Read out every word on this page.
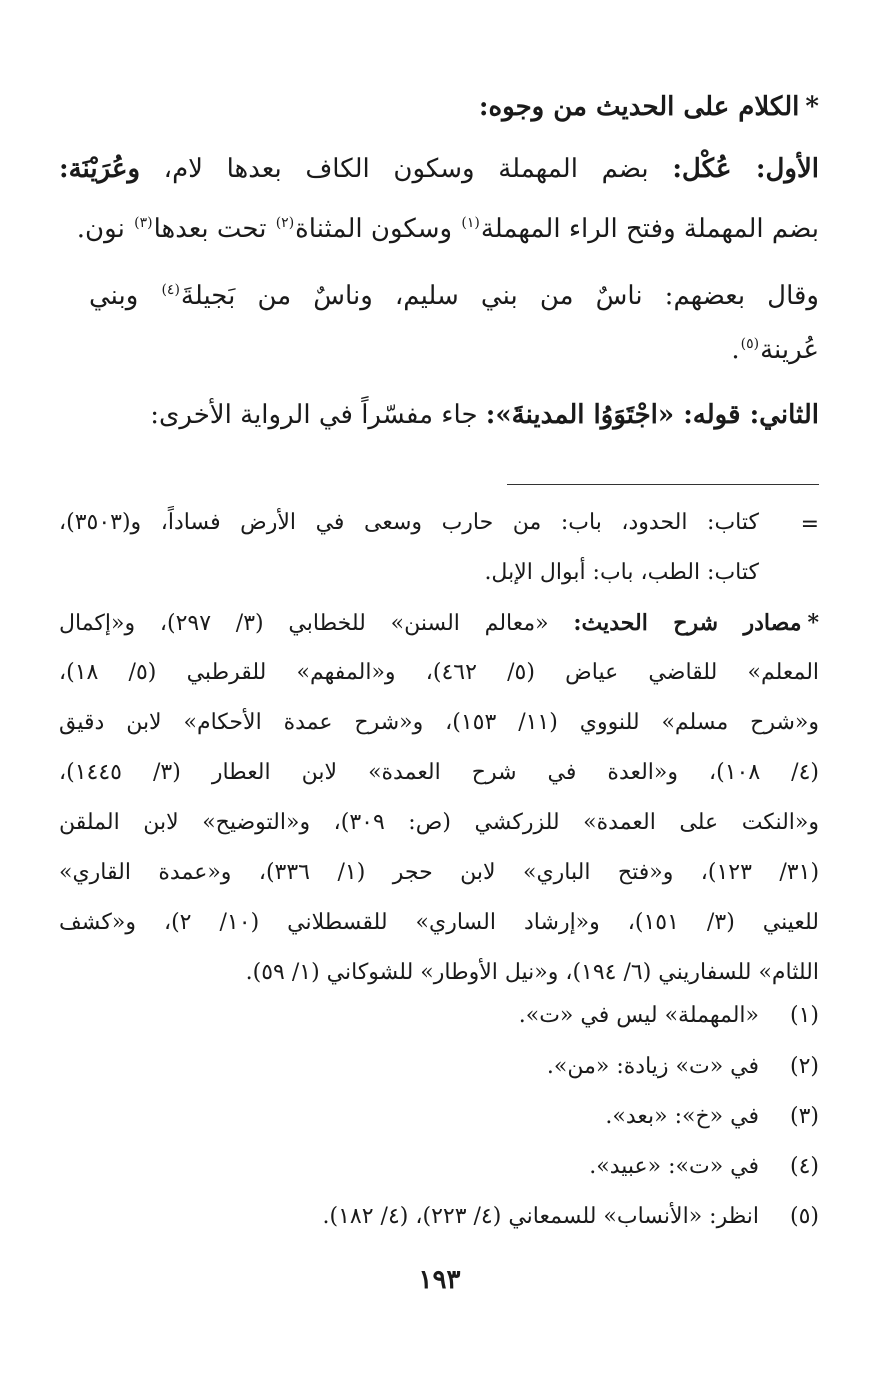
*الكلام على الحديث من وجوه:
الأول: عُكْل: بضم المهملة وسكون الكاف بعدها لام، وعُرَيْنَة:
بضم المهملة وفتح الراء المهملة$^{(١)}$ وسكون المثناة$^{(٢)}$ تحت بعدها$^{(٣)}$ نون.
وقال بعضهم: ناسٌ من بني سليم، وناسٌ من بَجيلةَ$^{(٤)}$ وبني
عُرينة$^{(٥)}$.
الثاني: قوله: «اجْتَوَوُا المدينةَ»: جاء مفسّراً في الرواية الأخرى:
=
كتاب: الحدود، باب: من حارب وسعى في الأرض فساداً، و(٣٥٠٣)،
كتاب: الطب، باب: أبوال الإبل.
*مصادر شرح الحديث: «معالم السنن» للخطابي (٣/ ٢٩٧)، و«إكمال
المعلم» للقاضي عياض (٥/ ٤٦٢)، و«المفهم» للقرطبي (٥/ ١٨)،
و«شرح مسلم» للنووي (١١/ ١٥٣)، و«شرح عمدة الأحكام» لابن دقيق
(٤/ ١٠٨)، و«العدة في شرح العمدة» لابن العطار (٣/ ١٤٤٥)،
و«النكت على العمدة» للزركشي (ص: ٣٠٩)، و«التوضيح» لابن الملقن
(٣١/ ١٢٣)، و«فتح الباري» لابن حجر (١/ ٣٣٦)، و«عمدة القاري»
للعيني (٣/ ١٥١)، و«إرشاد الساري» للقسطلاني (١٠/ ٢)، و«كشف
اللثام» للسفاريني (٦/ ١٩٤)، و«نيل الأوطار» للشوكاني (١/ ٥٩).
(١)
«المهملة» ليس في «ت».
(٢)
في «ت» زيادة: «من».
(٣)
في «خ»: «بعد».
(٤)
في «ت»: «عبيد».
(٥)
انظر: «الأنساب» للسمعاني (٤/ ٢٢٣)، (٤/ ١٨٢).
١٩٣
